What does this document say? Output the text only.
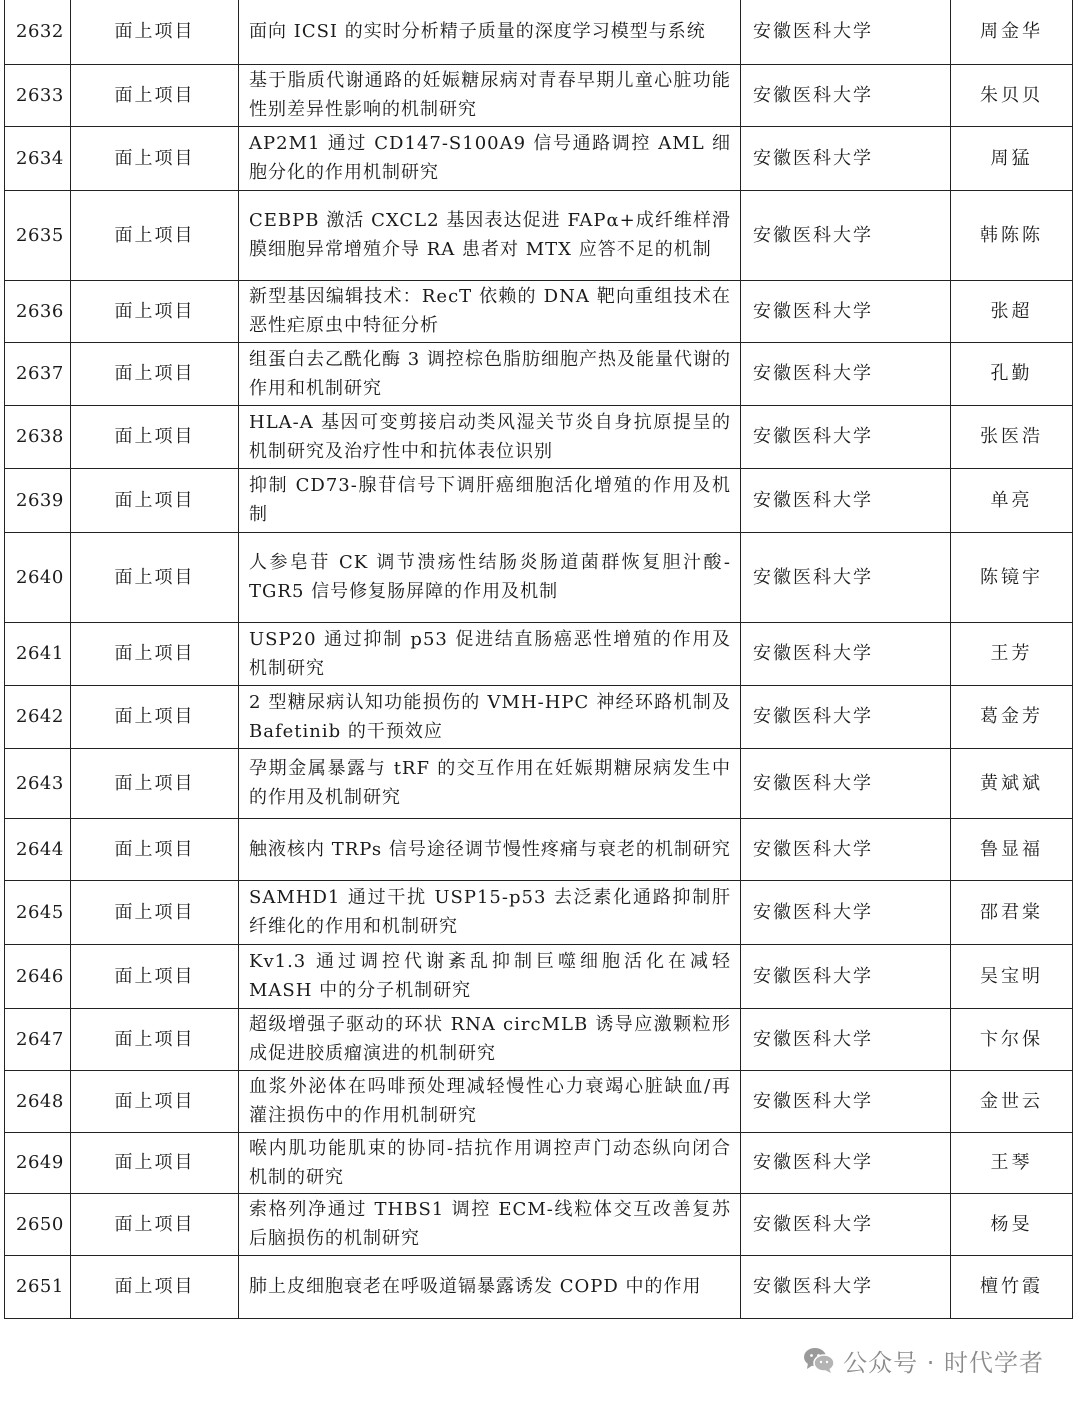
2632	面上项目	面向 ICSI 的实时分析精子质量的深度学习模型与系统	安徽医科大学	周金华
2633	面上项目	基于脂质代谢通路的妊娠糖尿病对青春早期儿童心脏功能性别差异性影响的机制研究	安徽医科大学	朱贝贝
2634	面上项目	AP2M1 通过 CD147-S100A9 信号通路调控 AML 细胞分化的作用机制研究	安徽医科大学	周猛
2635	面上项目	CEBPB 激活 CXCL2 基因表达促进 FAPα+成纤维样滑膜细胞异常增殖介导 RA 患者对 MTX 应答不足的机制	安徽医科大学	韩陈陈
2636	面上项目	新型基因编辑技术：RecT 依赖的 DNA 靶向重组技术在恶性疟原虫中特征分析	安徽医科大学	张超
2637	面上项目	组蛋白去乙酰化酶 3 调控棕色脂肪细胞产热及能量代谢的作用和机制研究	安徽医科大学	孔勤
2638	面上项目	HLA-A 基因可变剪接启动类风湿关节炎自身抗原提呈的机制研究及治疗性中和抗体表位识别	安徽医科大学	张医浩
2639	面上项目	抑制 CD73-腺苷信号下调肝癌细胞活化增殖的作用及机制	安徽医科大学	单亮
2640	面上项目	人参皂苷 CK 调节溃疡性结肠炎肠道菌群恢复胆汁酸-TGR5 信号修复肠屏障的作用及机制	安徽医科大学	陈镜宇
2641	面上项目	USP20 通过抑制 p53 促进结直肠癌恶性增殖的作用及机制研究	安徽医科大学	王芳
2642	面上项目	2 型糖尿病认知功能损伤的 VMH-HPC 神经环路机制及 Bafetinib 的干预效应	安徽医科大学	葛金芳
2643	面上项目	孕期金属暴露与 tRF 的交互作用在妊娠期糖尿病发生中的作用及机制研究	安徽医科大学	黄斌斌
2644	面上项目	触液核内 TRPs 信号途径调节慢性疼痛与衰老的机制研究	安徽医科大学	鲁显福
2645	面上项目	SAMHD1 通过干扰 USP15-p53 去泛素化通路抑制肝纤维化的作用和机制研究	安徽医科大学	邵君棠
2646	面上项目	Kv1.3 通过调控代谢紊乱抑制巨噬细胞活化在减轻 MASH 中的分子机制研究	安徽医科大学	吴宝明
2647	面上项目	超级增强子驱动的环状 RNA circMLB 诱导应激颗粒形成促进胶质瘤演进的机制研究	安徽医科大学	卞尔保
2648	面上项目	血浆外泌体在吗啡预处理减轻慢性心力衰竭心脏缺血/再灌注损伤中的作用机制研究	安徽医科大学	金世云
2649	面上项目	喉内肌功能肌束的协同-拮抗作用调控声门动态纵向闭合机制的研究	安徽医科大学	王琴
2650	面上项目	索格列净通过 THBS1 调控 ECM-线粒体交互改善复苏后脑损伤的机制研究	安徽医科大学	杨旻
2651	面上项目	肺上皮细胞衰老在呼吸道镉暴露诱发 COPD 中的作用	安徽医科大学	檀竹霞
公众号 · 时代学者
